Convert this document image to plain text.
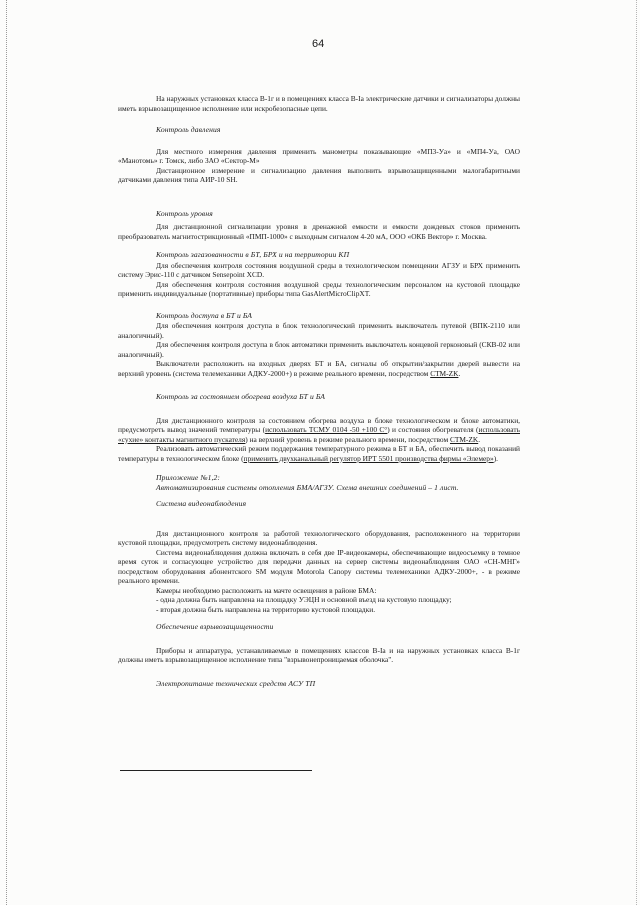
64

На наружных установках класса В-1г и в помещениях класса В-Iа электрические датчики и сигнализаторы должны иметь взрывозащищенное исполнение или искробезопасные цепи.

Контроль давления

Для местного измерения давления применить манометры показывающие «МП3-Уа» и «МП4-Уа, ОАО «Манотомь» г. Томск, либо ЗАО «Сектор-М»

Дистанционное измерение и сигнализацию давления выполнить взрывозащищенными малогабаритными датчиками давления типа АИР-10 SH.

Контроль уровня

Для дистанционной сигнализации уровня в дренажной емкости и емкости дождевых стоков применить преобразователь магнитострикционный «ПМП-1000» с выходным сигналом 4-20 мА, ООО «ОКБ Вектор» г. Москва.

Контроль загазованности в БТ, БРХ и на территории КП

Для обеспечения контроля состояния воздушной среды в технологическом помещении АГЗУ и БРХ применить систему Эрис-110 с датчиком Sensepoint XCD.

Для обеспечения контроля состояния воздушной среды технологическим персоналом на кустовой площадке применить индивидуальные (портативные) приборы типа GasAlertMicroClipXT.

Контроль доступа в БТ и БА

Для обеспечения контроля доступа в блок технологический применить выключатель путевой (ВПК-2110 или аналогичный).

Для обеспечения контроля доступа в блок автоматики применить выключатель концевой герконовый (СКВ-02 или аналогичный).

Выключатели расположить на входных дверях БТ и БА, сигналы об открытии/закрытии дверей вывести на верхний уровень (система телемеханики АДКУ-2000+) в режиме реального времени, посредством СТМ-ZK.

Контроль за состоянием обогрева воздуха БТ и БА

Для дистанционного контроля за состоянием обогрева воздуха в блоке технологическом и блоке автоматики, предусмотреть вывод значений температуры (использовать ТСМУ 0104 -50 +100 С°) и состояния обогревателя (использовать «сухие» контакты магнитного пускателя) на верхний уровень в режиме реального времени, посредством СТМ-ZK.

Реализовать автоматический режим поддержания температурного режима в БТ и БА, обеспечить вывод показаний температуры в технологическом блоке (применить двухканальный регулятор ИРТ 5501 производства фирмы «Элемер»).

Приложение №1,2:

Автоматизирования системы отопления БМА/АГЗУ. Схема внешних соединений – 1 лист.

Система видеонаблюдения

Для дистанционного контроля за работой технологического оборудования, расположенного на территории кустовой площадки, предусмотреть систему видеонаблюдения.

Система видеонаблюдения должна включать в себя две IP-видеокамеры, обеспечивающие видеосъемку в темное время суток и согласующее устройство для передачи данных на сервер системы видеонаблюдения ОАО «СН-МНГ» посредством оборудования абонентского SM модуля Motorola Canopy системы телемеханики АДКУ-2000+, - в режиме реального времени.

Камеры необходимо расположить на мачте освещения в районе БМА:

- одна должна быть направлена на площадку УЭЦН и основной въезд на кустовую площадку;

- вторая должна быть направлена на территорию кустовой площадки.

Обеспечение взрывозащищенности

Приборы и аппаратура, устанавливаемые в помещениях классов В-Iа и на наружных установках класса В-1г должны иметь взрывозащищенное исполнение типа "взрывонепроницаемая оболочка".

Электропитание технических средств АСУ ТП
